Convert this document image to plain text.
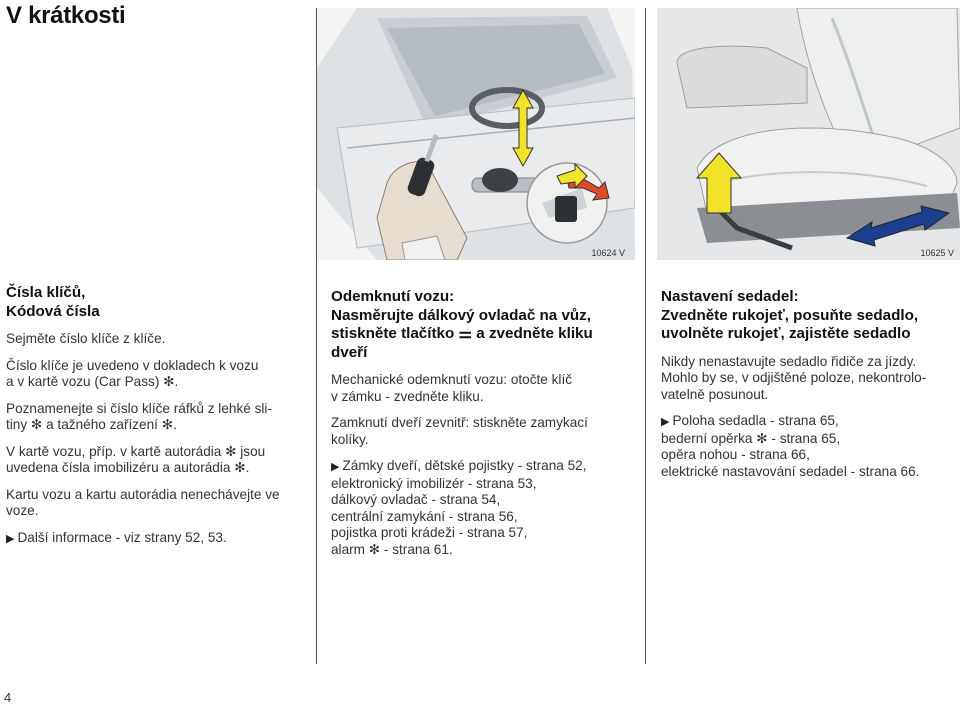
V krátkosti
10624 V	10625 V
Čísla klíčů,
Kódová čísla

Sejměte číslo klíče z klíče.

Číslo klíče je uvedeno v dokladech k vozu
a v kartě vozu (Car Pass) ✻.

Poznamenejte si číslo klíče ráfků z lehké sli-
tiny ✻ a tažného zařízení ✻.

V kartě vozu, příp. v kartě autorádia ✻ jsou
uvedena čísla imobilizéru a autorádia ✻.

Kartu vozu a kartu autorádia nenechávejte ve
voze.

▶ Další informace - viz strany 52, 53.

Odemknutí vozu:
Nasměrujte dálkový ovladač na vůz,
stiskněte tlačítko ⚌ a zvedněte kliku
dveří

Mechanické odemknutí vozu: otočte klíč
v zámku - zvedněte kliku.

Zamknutí dveří zevnitř: stiskněte zamykací
kolíky.

▶ Zámky dveří, dětské pojistky - strana 52,
elektronický imobilizér - strana 53,
dálkový ovladač - strana 54,
centrální zamykání - strana 56,
pojistka proti krádeži - strana 57,
alarm ✻ - strana 61.

Nastavení sedadel:
Zvedněte rukojeť, posuňte sedadlo,
uvolněte rukojeť, zajistěte sedadlo

Nikdy nenastavujte sedadlo řidiče za jízdy.
Mohlo by se, v odjištěné poloze, nekontrolo-
vatelně posunout.

▶ Poloha sedadla - strana 65,
bederní opěrka ✻ - strana 65,
opěra nohou - strana 66,
elektrické nastavování sedadel - strana 66.

4
